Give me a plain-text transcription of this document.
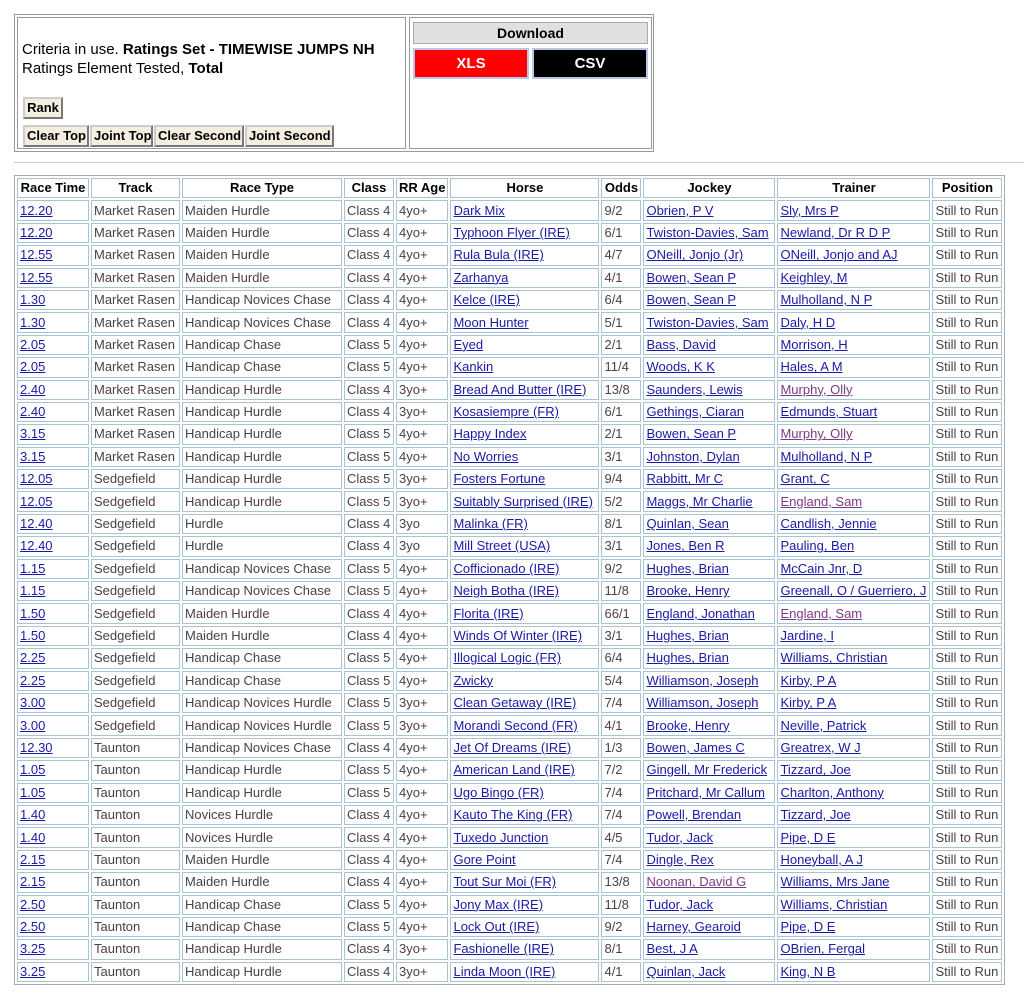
Criteria in use. Ratings Set - TIMEWISE JUMPS NH
Ratings Element Tested, Total
Rank
Clear Top Joint Top Clear Second Joint Second
Download
XLS	CSV
Race Time	Track	Race Type	Class	RR Age	Horse	Odds	Jockey	Trainer	Position
12.20	Market Rasen	Maiden Hurdle	Class 4	4yo+	Dark Mix	9/2	Obrien, P V	Sly, Mrs P	Still to Run
12.20	Market Rasen	Maiden Hurdle	Class 4	4yo+	Typhoon Flyer (IRE)	6/1	Twiston-Davies, Sam	Newland, Dr R D P	Still to Run
12.55	Market Rasen	Maiden Hurdle	Class 4	4yo+	Rula Bula (IRE)	4/7	ONeill, Jonjo (Jr)	ONeill, Jonjo and AJ	Still to Run
12.55	Market Rasen	Maiden Hurdle	Class 4	4yo+	Zarhanya	4/1	Bowen, Sean P	Keighley, M	Still to Run
1.30	Market Rasen	Handicap Novices Chase	Class 4	4yo+	Kelce (IRE)	6/4	Bowen, Sean P	Mulholland, N P	Still to Run
1.30	Market Rasen	Handicap Novices Chase	Class 4	4yo+	Moon Hunter	5/1	Twiston-Davies, Sam	Daly, H D	Still to Run
2.05	Market Rasen	Handicap Chase	Class 5	4yo+	Eyed	2/1	Bass, David	Morrison, H	Still to Run
2.05	Market Rasen	Handicap Chase	Class 5	4yo+	Kankin	11/4	Woods, K K	Hales, A M	Still to Run
2.40	Market Rasen	Handicap Hurdle	Class 4	3yo+	Bread And Butter (IRE)	13/8	Saunders, Lewis	Murphy, Olly	Still to Run
2.40	Market Rasen	Handicap Hurdle	Class 4	3yo+	Kosasiempre (FR)	6/1	Gethings, Ciaran	Edmunds, Stuart	Still to Run
3.15	Market Rasen	Handicap Hurdle	Class 5	4yo+	Happy Index	2/1	Bowen, Sean P	Murphy, Olly	Still to Run
3.15	Market Rasen	Handicap Hurdle	Class 5	4yo+	No Worries	3/1	Johnston, Dylan	Mulholland, N P	Still to Run
12.05	Sedgefield	Handicap Hurdle	Class 5	3yo+	Fosters Fortune	9/4	Rabbitt, Mr C	Grant, C	Still to Run
12.05	Sedgefield	Handicap Hurdle	Class 5	3yo+	Suitably Surprised (IRE)	5/2	Maggs, Mr Charlie	England, Sam	Still to Run
12.40	Sedgefield	Hurdle	Class 4	3yo	Malinka (FR)	8/1	Quinlan, Sean	Candlish, Jennie	Still to Run
12.40	Sedgefield	Hurdle	Class 4	3yo	Mill Street (USA)	3/1	Jones, Ben R	Pauling, Ben	Still to Run
1.15	Sedgefield	Handicap Novices Chase	Class 5	4yo+	Cofficionado (IRE)	9/2	Hughes, Brian	McCain Jnr, D	Still to Run
1.15	Sedgefield	Handicap Novices Chase	Class 5	4yo+	Neigh Botha (IRE)	11/8	Brooke, Henry	Greenall, O / Guerriero, J	Still to Run
1.50	Sedgefield	Maiden Hurdle	Class 4	4yo+	Florita (IRE)	66/1	England, Jonathan	England, Sam	Still to Run
1.50	Sedgefield	Maiden Hurdle	Class 4	4yo+	Winds Of Winter (IRE)	3/1	Hughes, Brian	Jardine, I	Still to Run
2.25	Sedgefield	Handicap Chase	Class 5	4yo+	Illogical Logic (FR)	6/4	Hughes, Brian	Williams, Christian	Still to Run
2.25	Sedgefield	Handicap Chase	Class 5	4yo+	Zwicky	5/4	Williamson, Joseph	Kirby, P A	Still to Run
3.00	Sedgefield	Handicap Novices Hurdle	Class 5	3yo+	Clean Getaway (IRE)	7/4	Williamson, Joseph	Kirby, P A	Still to Run
3.00	Sedgefield	Handicap Novices Hurdle	Class 5	3yo+	Morandi Second (FR)	4/1	Brooke, Henry	Neville, Patrick	Still to Run
12.30	Taunton	Handicap Novices Chase	Class 4	4yo+	Jet Of Dreams (IRE)	1/3	Bowen, James C	Greatrex, W J	Still to Run
1.05	Taunton	Handicap Hurdle	Class 5	4yo+	American Land (IRE)	7/2	Gingell, Mr Frederick	Tizzard, Joe	Still to Run
1.05	Taunton	Handicap Hurdle	Class 5	4yo+	Ugo Bingo (FR)	7/4	Pritchard, Mr Callum	Charlton, Anthony	Still to Run
1.40	Taunton	Novices Hurdle	Class 4	4yo+	Kauto The King (FR)	7/4	Powell, Brendan	Tizzard, Joe	Still to Run
1.40	Taunton	Novices Hurdle	Class 4	4yo+	Tuxedo Junction	4/5	Tudor, Jack	Pipe, D E	Still to Run
2.15	Taunton	Maiden Hurdle	Class 4	4yo+	Gore Point	7/4	Dingle, Rex	Honeyball, A J	Still to Run
2.15	Taunton	Maiden Hurdle	Class 4	4yo+	Tout Sur Moi (FR)	13/8	Noonan, David G	Williams, Mrs Jane	Still to Run
2.50	Taunton	Handicap Chase	Class 5	4yo+	Jony Max (IRE)	11/8	Tudor, Jack	Williams, Christian	Still to Run
2.50	Taunton	Handicap Chase	Class 5	4yo+	Lock Out (IRE)	9/2	Harney, Gearoid	Pipe, D E	Still to Run
3.25	Taunton	Handicap Hurdle	Class 4	3yo+	Fashionelle (IRE)	8/1	Best, J A	OBrien, Fergal	Still to Run
3.25	Taunton	Handicap Hurdle	Class 4	3yo+	Linda Moon (IRE)	4/1	Quinlan, Jack	King, N B	Still to Run
